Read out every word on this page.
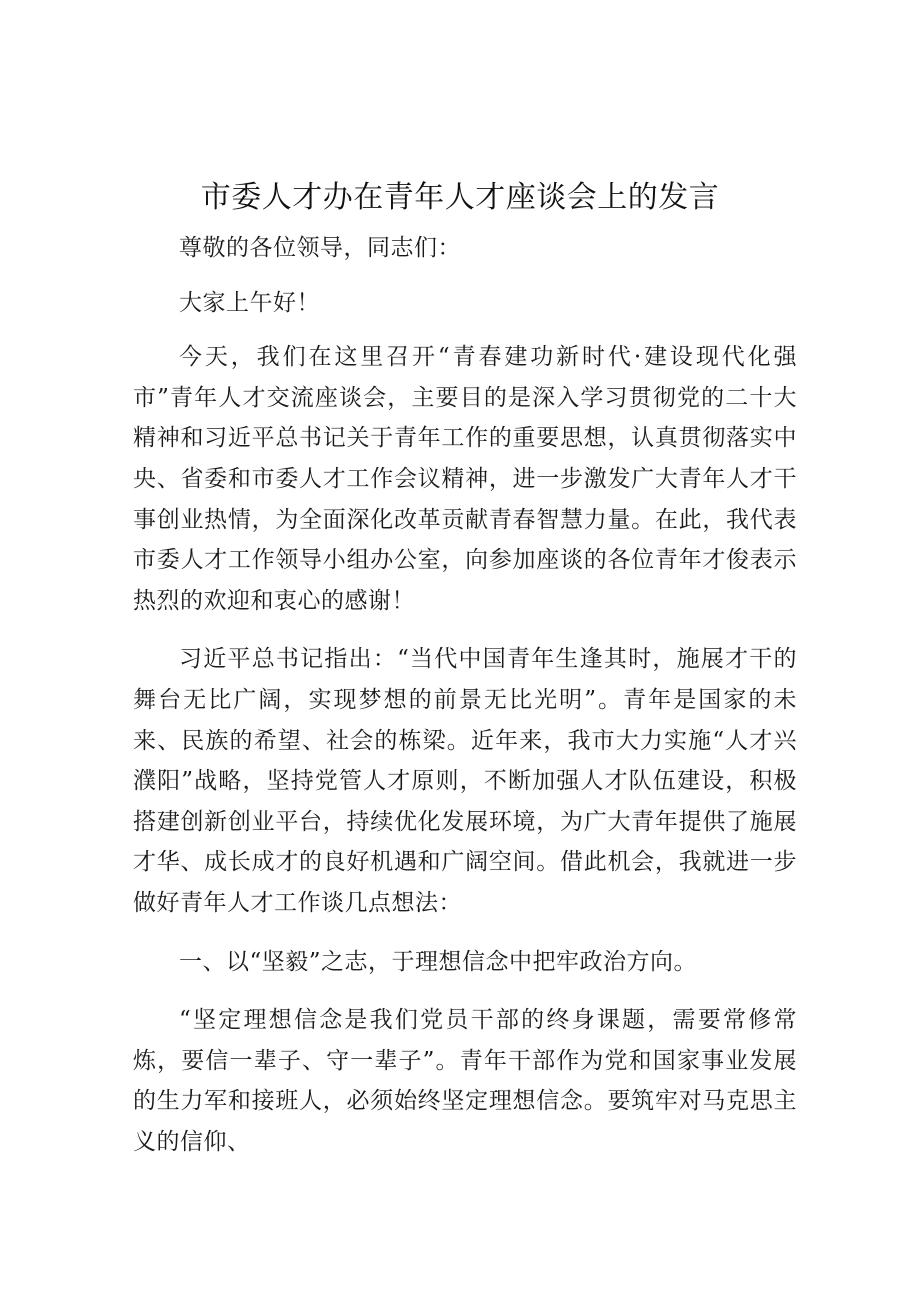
市委人才办在青年人才座谈会上的发言

尊敬的各位领导，同志们：

大家上午好！

今天，我们在这里召开“青春建功新时代·建设现代化强市”青年人才交流座谈会，主要目的是深入学习贯彻党的二十大精神和习近平总书记关于青年工作的重要思想，认真贯彻落实中央、省委和市委人才工作会议精神，进一步激发广大青年人才干事创业热情，为全面深化改革贡献青春智慧力量。在此，我代表市委人才工作领导小组办公室，向参加座谈的各位青年才俊表示热烈的欢迎和衷心的感谢！

习近平总书记指出：“当代中国青年生逢其时，施展才干的舞台无比广阔，实现梦想的前景无比光明”。青年是国家的未来、民族的希望、社会的栋梁。近年来，我市大力实施“人才兴濮阳”战略，坚持党管人才原则，不断加强人才队伍建设，积极搭建创新创业平台，持续优化发展环境，为广大青年提供了施展才华、成长成才的良好机遇和广阔空间。借此机会，我就进一步做好青年人才工作谈几点想法：

一、以“坚毅”之志，于理想信念中把牢政治方向。

“坚定理想信念是我们党员干部的终身课题，需要常修常炼，要信一辈子、守一辈子”。青年干部作为党和国家事业发展的生力军和接班人，必须始终坚定理想信念。要筑牢对马克思主义的信仰、
